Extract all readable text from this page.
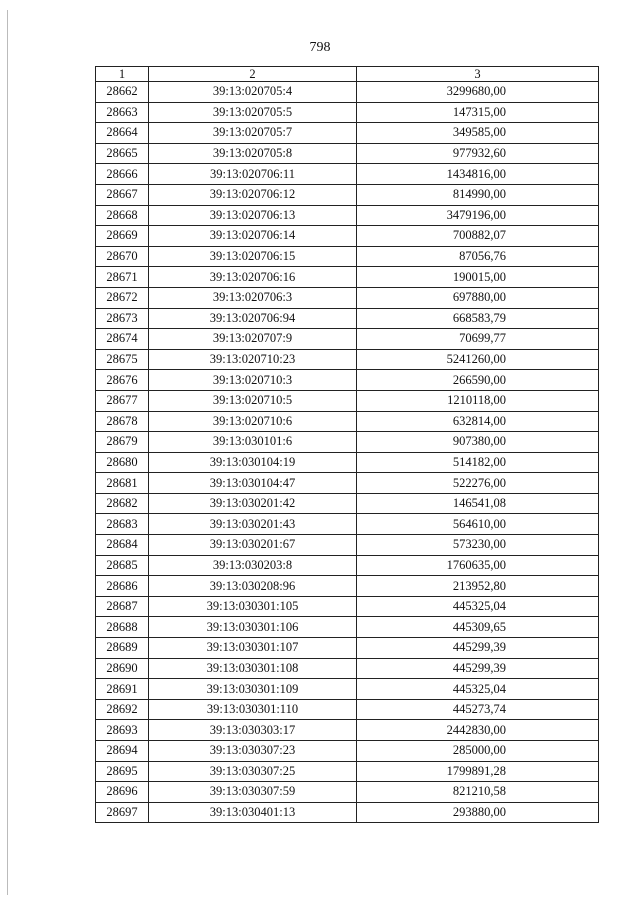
798
1	2	3
28662	39:13:020705:4	3299680,00
28663	39:13:020705:5	147315,00
28664	39:13:020705:7	349585,00
28665	39:13:020705:8	977932,60
28666	39:13:020706:11	1434816,00
28667	39:13:020706:12	814990,00
28668	39:13:020706:13	3479196,00
28669	39:13:020706:14	700882,07
28670	39:13:020706:15	87056,76
28671	39:13:020706:16	190015,00
28672	39:13:020706:3	697880,00
28673	39:13:020706:94	668583,79
28674	39:13:020707:9	70699,77
28675	39:13:020710:23	5241260,00
28676	39:13:020710:3	266590,00
28677	39:13:020710:5	1210118,00
28678	39:13:020710:6	632814,00
28679	39:13:030101:6	907380,00
28680	39:13:030104:19	514182,00
28681	39:13:030104:47	522276,00
28682	39:13:030201:42	146541,08
28683	39:13:030201:43	564610,00
28684	39:13:030201:67	573230,00
28685	39:13:030203:8	1760635,00
28686	39:13:030208:96	213952,80
28687	39:13:030301:105	445325,04
28688	39:13:030301:106	445309,65
28689	39:13:030301:107	445299,39
28690	39:13:030301:108	445299,39
28691	39:13:030301:109	445325,04
28692	39:13:030301:110	445273,74
28693	39:13:030303:17	2442830,00
28694	39:13:030307:23	285000,00
28695	39:13:030307:25	1799891,28
28696	39:13:030307:59	821210,58
28697	39:13:030401:13	293880,00
